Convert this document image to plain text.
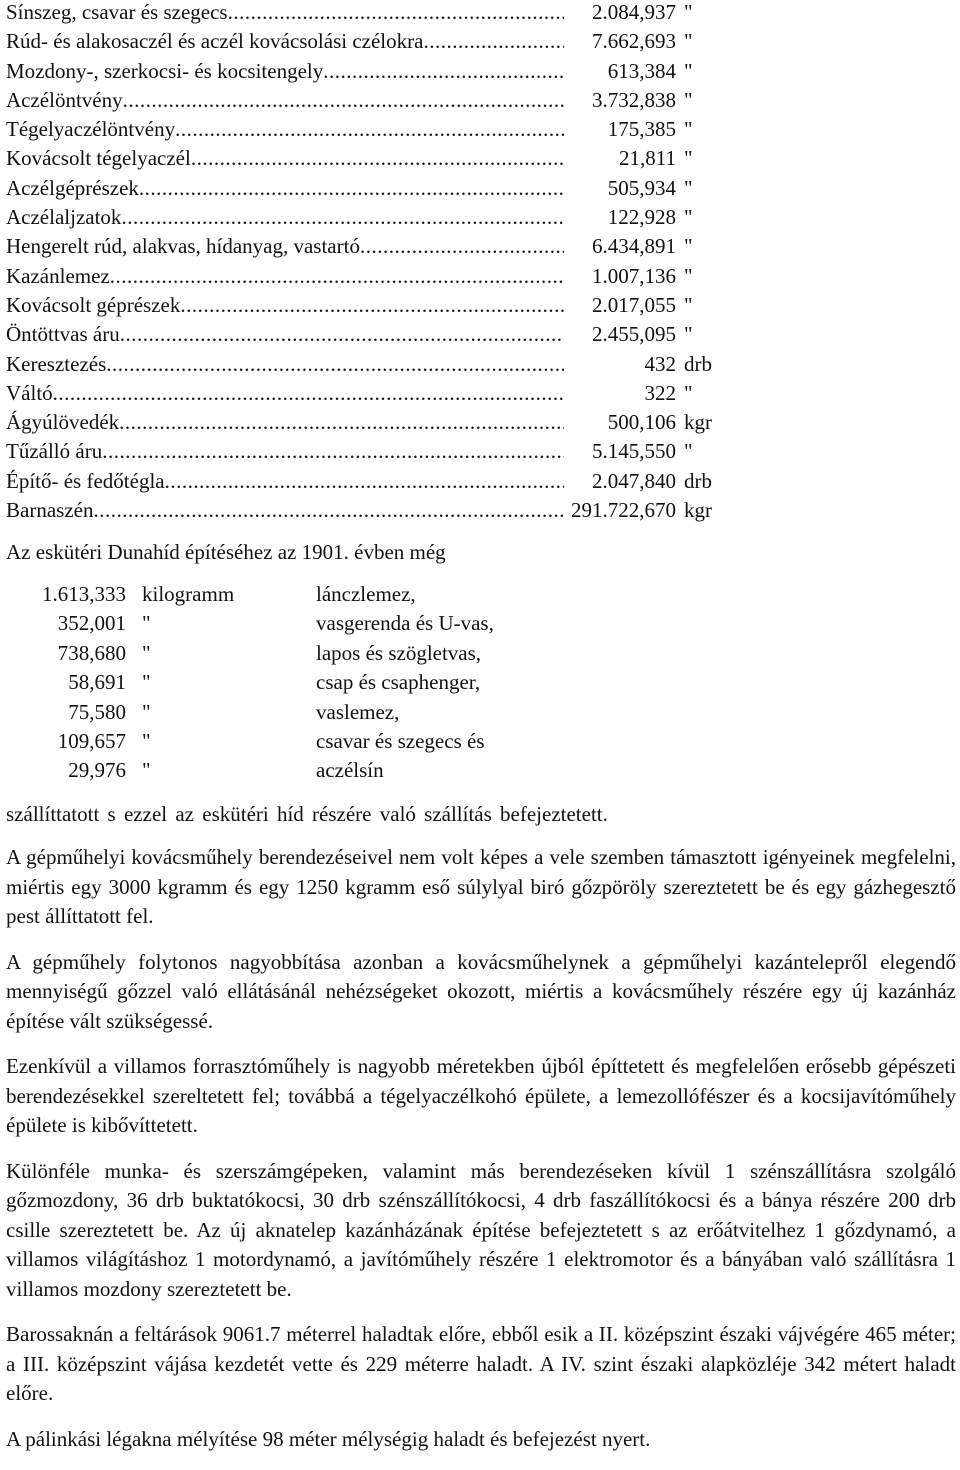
Sínszeg, csavar és szegecs .....	2.084,937 "
Rúd- és alakosaczél és aczél kovácsolási czélokra .....	7.662,693 "
Mozdony-, szerkocsi- és kocsitengely .....	613,384 "
Aczélöntvény .....	3.732,838 "
Tégelyaczélöntvény .....	175,385 "
Kovácsolt tégelyaczél .....	21,811 "
Aczélgéprészek .....	505,934 "
Aczélaljzatok .....	122,928 "
Hengerelt rúd, alakvas, hídanyag, vastartó .....	6.434,891 "
Kazánlemez .....	1.007,136 "
Kovácsolt géprészek .....	2.017,055 "
Öntöttvas áru .....	2.455,095 "
Keresztezés .....	432 drb
Váltó .....	322 "
Ágyúlövedék .....	500,106 kgr
Tűzálló áru .....	5.145,550 "
Építő- és fedőtégla .....	2.047,840 drb
Barnaszén .....	291.722,670 kgr
Az eskütéri Dunahíd építéséhez az 1901. évben még
1.613,333 kilogramm	lánczlemez,
352,001 "	vasgerenda és U-vas,
738,680 "	lapos és szögletvas,
58,691 "	csap és csaphenger,
75,580 "	vaslemez,
109,657 "	csavar és szegecs és
29,976 "	aczélsín
szállíttatott s ezzel az eskütéri híd részére való szállítás befejeztetett.

A gépműhelyi kovácsműhely berendezéseivel nem volt képes a vele szemben támasztott igényeinek megfelelni, miértis egy 3000 kgramm és egy 1250 kgramm eső súlylyal biró gőzpöröly szereztetett be és egy gázhegesztő pest állíttatott fel.

A gépműhely folytonos nagyobbítása azonban a kovácsműhelynek a gépműhelyi kazántelepről elegendő mennyiségű gőzzel való ellátásánál nehézségeket okozott, miértis a kovácsműhely részére egy új kazánház építése vált szükségessé.

Ezenkívül a villamos forrasztóműhely is nagyobb méretekben újból építtetett és megfelelően erősebb gépészeti berendezésekkel szereltetett fel; továbbá a tégelyaczélkohó épülete, a lemezollófészer és a kocsijavítóműhely épülete is kibővíttetett.

Különféle munka- és szerszámgépeken, valamint más berendezéseken kívül 1 szénszállításra szolgáló gőzmozdony, 36 drb buktatókocsi, 30 drb szénszállítókocsi, 4 drb faszállítókocsi és a bánya részére 200 drb csille szereztetett be. Az új aknatelep kazánházának építése befejeztetett s az erőátvitelhez 1 gőzdynamó, a villamos világításhoz 1 motordynamó, a javítóműhely részére 1 elektromotor és a bányában való szállításra 1 villamos mozdony szereztetett be.

Barossaknán a feltárások 9061.7 méterrel haladtak előre, ebből esik a II. középszint északi vájvégére 465 méter; a III. középszint vájása kezdetét vette és 229 méterre haladt. A IV. szint északi alapközléje 342 métert haladt előre.

A pálinkási légakna mélyítése 98 méter mélységig haladt és befejezést nyert.
